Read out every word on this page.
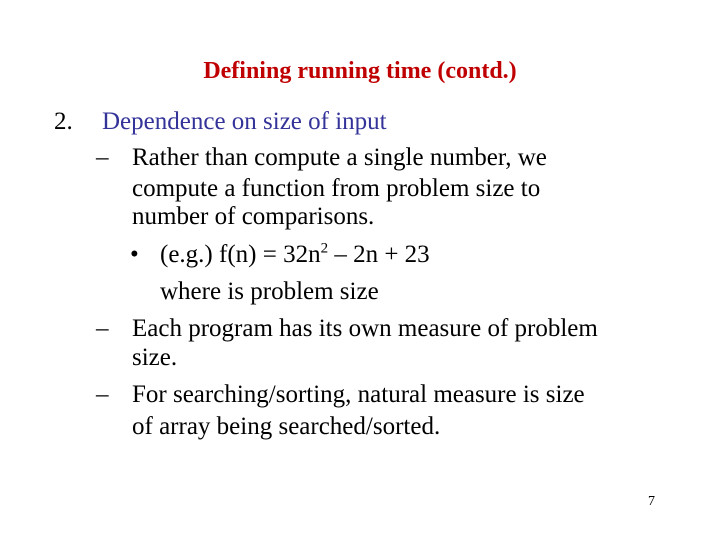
Defining running time (contd.)
2. Dependence on size of input
– Rather than compute a single number, we
compute a function from problem size to
number of comparisons.
• (e.g.) $f(n) = 32n^2 - 2n + 23$
where is problem size
– Each program has its own measure of problem
size.
– For searching/sorting, natural measure is size
of array being searched/sorted.
7
